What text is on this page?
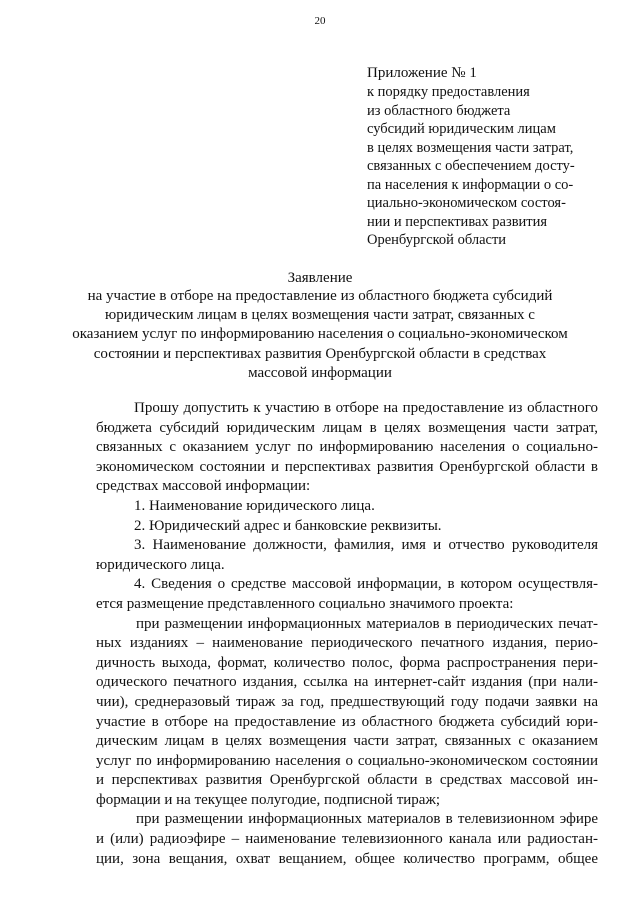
20
Приложение № 1
к порядку предоставления
из областного бюджета
субсидий юридическим лицам
в целях возмещения части затрат,
связанных с обеспечением досту-
па населения к информации о со-
циально-экономическом состоя-
нии и перспективах развития
Оренбургской области
Заявление
на участие в отборе на предоставление из областного бюджета субсидий
юридическим лицам в целях возмещения части затрат, связанных с
оказанием услуг по информированию населения о социально-экономическом
состоянии и перспективах развития Оренбургской области в средствах
массовой информации
Прошу допустить к участию в отборе на предоставление из областного
бюджета субсидий юридическим лицам в целях возмещения части затрат,
связанных с оказанием услуг по информированию населения о социально-
экономическом состоянии и перспективах развития Оренбургской области в
средствах массовой информации:
1. Наименование юридического лица.
2. Юридический адрес и банковские реквизиты.
3. Наименование должности, фамилия, имя и отчество руководителя
юридического лица.
4. Сведения о средстве массовой информации, в котором осуществля-
ется размещение представленного социально значимого проекта:
при размещении информационных материалов в периодических печат-
ных изданиях – наименование периодического печатного издания, перио-
дичность выхода, формат, количество полос, форма распространения пери-
одического печатного издания, ссылка на интернет-сайт издания (при нали-
чии), среднеразовый тираж за год, предшествующий году подачи заявки на
участие в отборе на предоставление из областного бюджета субсидий юри-
дическим лицам в целях возмещения части затрат, связанных с оказанием
услуг по информированию населения о социально-экономическом состоянии
и перспективах развития Оренбургской области в средствах массовой ин-
формации и на текущее полугодие, подписной тираж;
при размещении информационных материалов в телевизионном эфире
и (или) радиоэфире – наименование телевизионного канала или радиостан-
ции, зона вещания, охват вещанием, общее количество программ, общее
